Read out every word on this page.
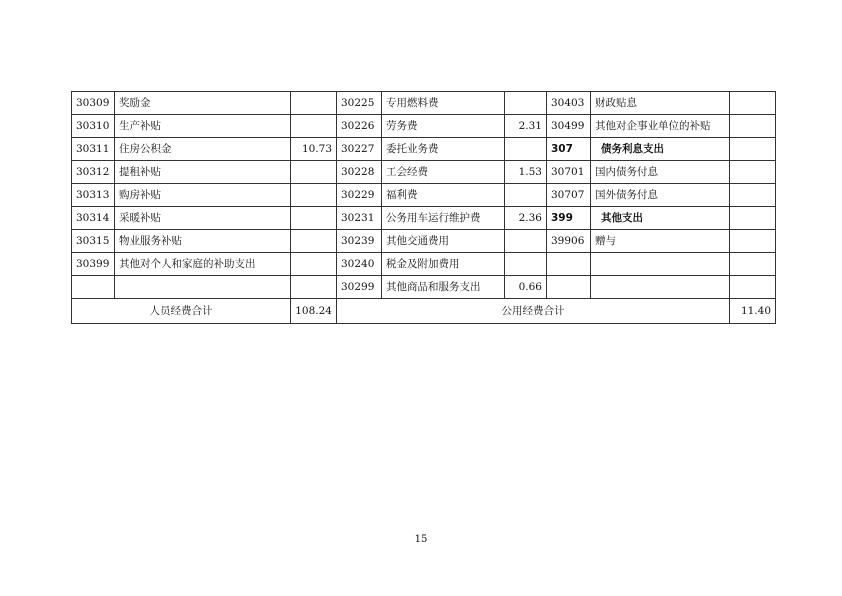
30309	奖励金		30225	专用燃料费		30403	财政贴息	
30310	生产补贴		30226	劳务费	2.31	30499	其他对企事业单位的补贴	
30311	住房公积金	10.73	30227	委托业务费		307	债务利息支出	
30312	提租补贴		30228	工会经费	1.53	30701	国内债务付息	
30313	购房补贴		30229	福利费		30707	国外债务付息	
30314	采暖补贴		30231	公务用车运行维护费	2.36	399	其他支出	
30315	物业服务补贴		30239	其他交通费用		39906	赠与	
30399	其他对个人和家庭的补助支出		30240	税金及附加费用				
			30299	其他商品和服务支出	0.66			
人员经费合计		108.24	公用经费合计					11.40
15
